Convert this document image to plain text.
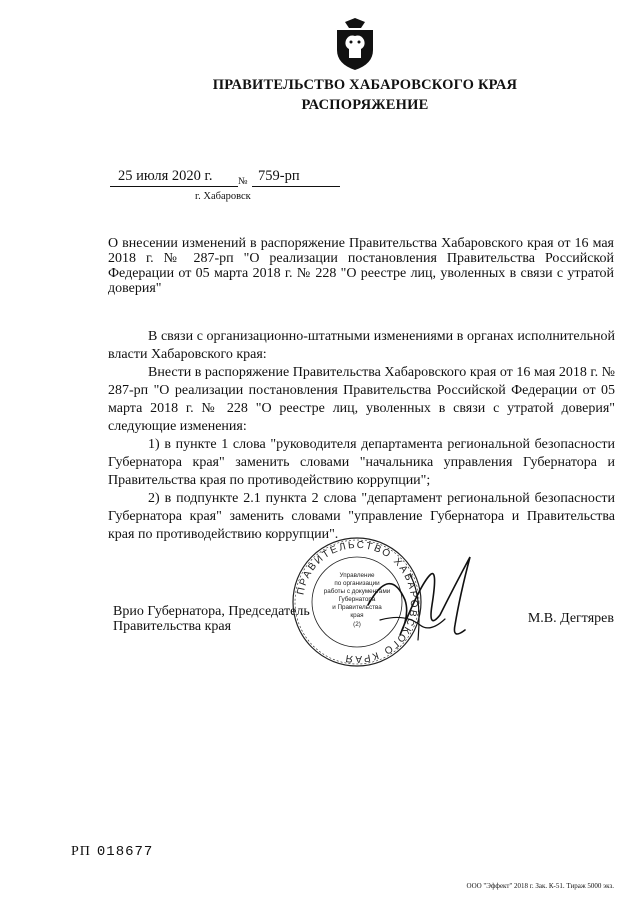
ПРАВИТЕЛЬСТВО ХАБАРОВСКОГО КРАЯ
РАСПОРЯЖЕНИЕ
25 июля 2020 г.	№ 759-рп
г. Хабаровск
О внесении изменений в распоряжение Правительства Хабаровского края от 16 мая 2018 г. № 287-рп "О реализации постановления Правительства Российской Федерации от 05 марта 2018 г. № 228 "О реестре лиц, уволенных в связи с утратой доверия"

В связи с организационно-штатными изменениями в органах исполнительной власти Хабаровского края:

Внести в распоряжение Правительства Хабаровского края от 16 мая 2018 г. № 287-рп "О реализации постановления Правительства Российской Федерации от 05 марта 2018 г. № 228 "О реестре лиц, уволенных в связи с утратой доверия" следующие изменения:

1) в пункте 1 слова "руководителя департамента региональной безопасности Губернатора края" заменить словами "начальника управления Губернатора и Правительства края по противодействию коррупции";

2) в подпункте 2.1 пункта 2 слова "департамент региональной безопасности Губернатора края" заменить словами "управление Губернатора и Правительства края по противодействию коррупции".

Врио Губернатора, Председатель
Правительства края
М.В. Дегтярев
ПРАВИТЕЛЬСТВО ХАБАРОВСКОГО КРАЯ
Управление
по организации
работы с документами
Губернатора
и Правительства
края
(2)
РП 018677
ООО "Эффект" 2018 г. Зак. К-51. Тираж 5000 экз.
